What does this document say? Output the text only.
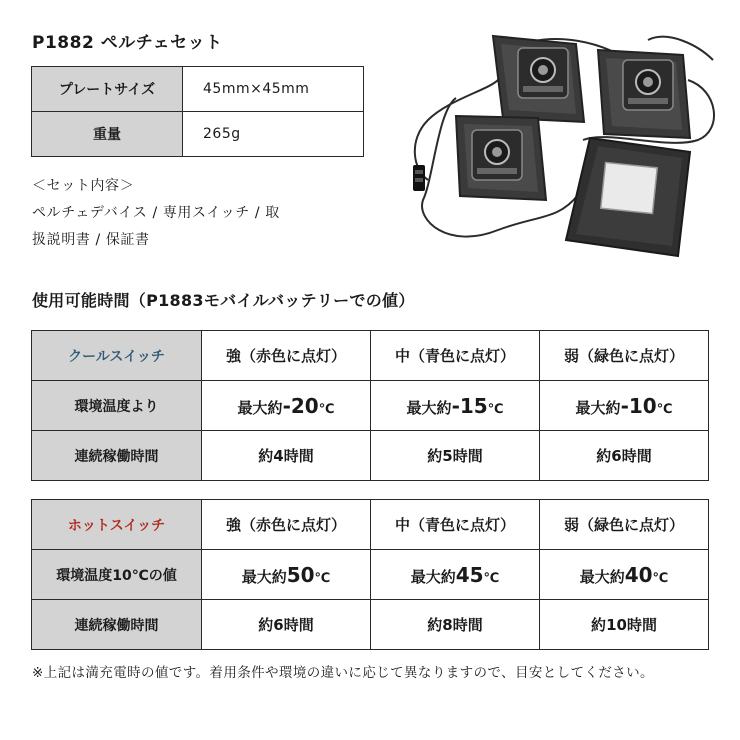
P1882 ペルチェセット
プレートサイズ	45mm×45mm
重量	265g
＜セット内容＞
ペルチェデバイス / 専用スイッチ / 取
扱説明書 / 保証書
使用可能時間（P1883モバイルバッテリーでの値）
クールスイッチ	強（赤色に点灯）	中（青色に点灯）	弱（緑色に点灯）
環境温度より	最大約-20℃	最大約-15℃	最大約-10℃
連続稼働時間	約4時間	約5時間	約6時間
ホットスイッチ	強（赤色に点灯）	中（青色に点灯）	弱（緑色に点灯）
環境温度10℃の値	最大約50℃	最大約45℃	最大約40℃
連続稼働時間	約6時間	約8時間	約10時間
※上記は満充電時の値です。着用条件や環境の違いに応じて異なりますので、目安としてください。
